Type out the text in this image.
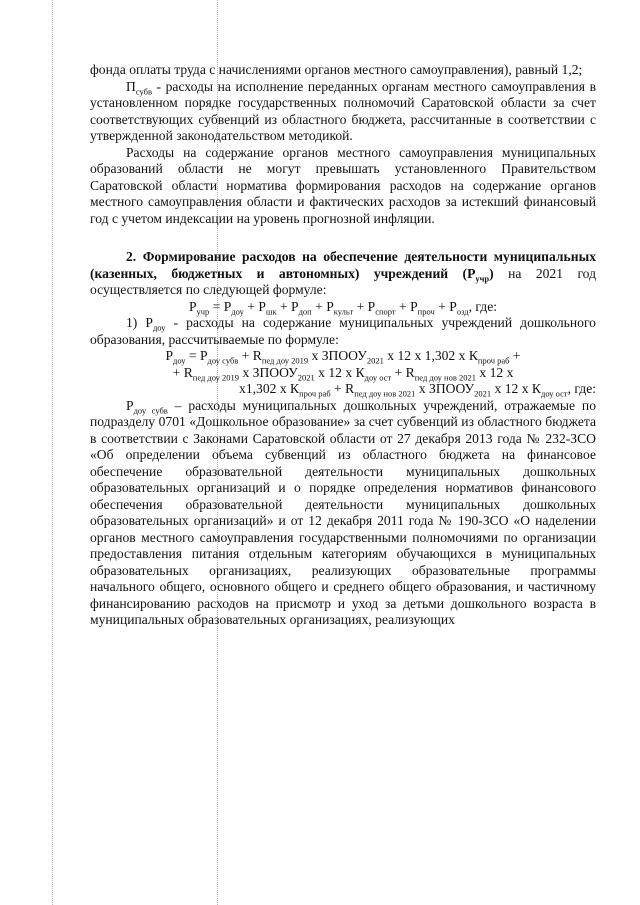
фонда оплаты труда с начислениями органов местного самоуправления), равный 1,2;

$П_{субв}$ - расходы на исполнение переданных органам местного самоуправления в установленном порядке государственных полномочий Саратовской области за счет соответствующих субвенций из областного бюджета, рассчитанные в соответствии с утвержденной законодательством методикой.

Расходы на содержание органов местного самоуправления муниципальных образований области не могут превышать установленного Правительством Саратовской области норматива формирования расходов на содержание органов местного самоуправления области и фактических расходов за истекший финансовый год с учетом индексации на уровень прогнозной инфляции.

2. Формирование расходов на обеспечение деятельности муниципальных (казенных, бюджетных и автономных) учреждений $(Р_{учр})$ на 2021 год осуществляется по следующей формуле:

$Р_{учр} = Р_{доу} + Р_{шк} + Р_{доп} + Р_{культ} + Р_{спорт} + Р_{проч} + Р_{озд}$, где:

1) $Р_{доу}$ - расходы на содержание муниципальных учреждений дошкольного образования, рассчитываемые по формуле:

$Р_{доу} = Р_{доу субв} + R_{пед доу 2019}$ х $ЗПООУ_{2021}$ х 12 х 1,302 х $К_{проч раб}$ +

+ $R_{пед доу 2019}$ х $ЗПООУ_{2021}$ х 12 х $К_{доу ост} + R_{пед доу нов 2021}$ х 12 х

х1,302 х $К_{проч раб} + R_{пед доу нов 2021}$ х $ЗПООУ_{2021}$ х 12 х $К_{доу ост}$, где:

$Р_{доу субв}$ – расходы муниципальных дошкольных учреждений, отражаемые по подразделу 0701 «Дошкольное образование» за счет субвенций из областного бюджета в соответствии с Законами Саратовской области от 27 декабря 2013 года № 232-ЗСО «Об определении объема субвенций из областного бюджета на финансовое обеспечение образовательной деятельности муниципальных дошкольных образовательных организаций и о порядке определения нормативов финансового обеспечения образовательной деятельности муниципальных дошкольных образовательных организаций» и от 12 декабря 2011 года № 190-ЗСО «О наделении органов местного самоуправления государственными полномочиями по организации предоставления питания отдельным категориям обучающихся в муниципальных образовательных организациях, реализующих образовательные программы начального общего, основного общего и среднего общего образования, и частичному финансированию расходов на присмотр и уход за детьми дошкольного возраста в муниципальных образовательных организациях, реализующих
